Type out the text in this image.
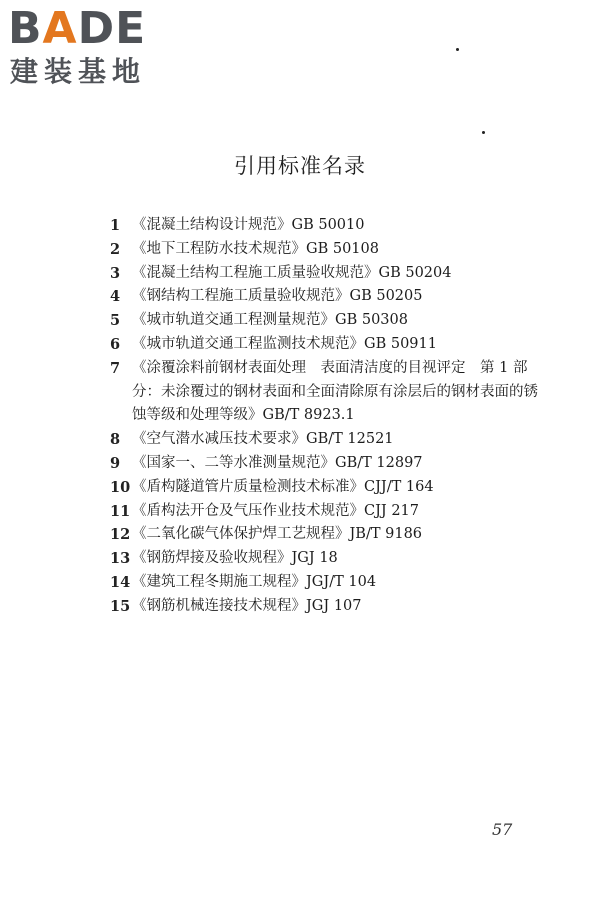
BADE
建装基地
引用标准名录
1 《混凝土结构设计规范》GB 50010
2 《地下工程防水技术规范》GB 50108
3 《混凝土结构工程施工质量验收规范》GB 50204
4 《钢结构工程施工质量验收规范》GB 50205
5 《城市轨道交通工程测量规范》GB 50308
6 《城市轨道交通工程监测技术规范》GB 50911
7 《涂覆涂料前钢材表面处理　表面清洁度的目视评定　第 1 部分：未涂覆过的钢材表面和全面清除原有涂层后的钢材表面的锈蚀等级和处理等级》GB/T 8923.1
8 《空气潜水减压技术要求》GB/T 12521
9 《国家一、二等水准测量规范》GB/T 12897
10 《盾构隧道管片质量检测技术标准》CJJ/T 164
11 《盾构法开仓及气压作业技术规范》CJJ 217
12 《二氧化碳气体保护焊工艺规程》JB/T 9186
13 《钢筋焊接及验收规程》JGJ 18
14 《建筑工程冬期施工规程》JGJ/T 104
15 《钢筋机械连接技术规程》JGJ 107
57
